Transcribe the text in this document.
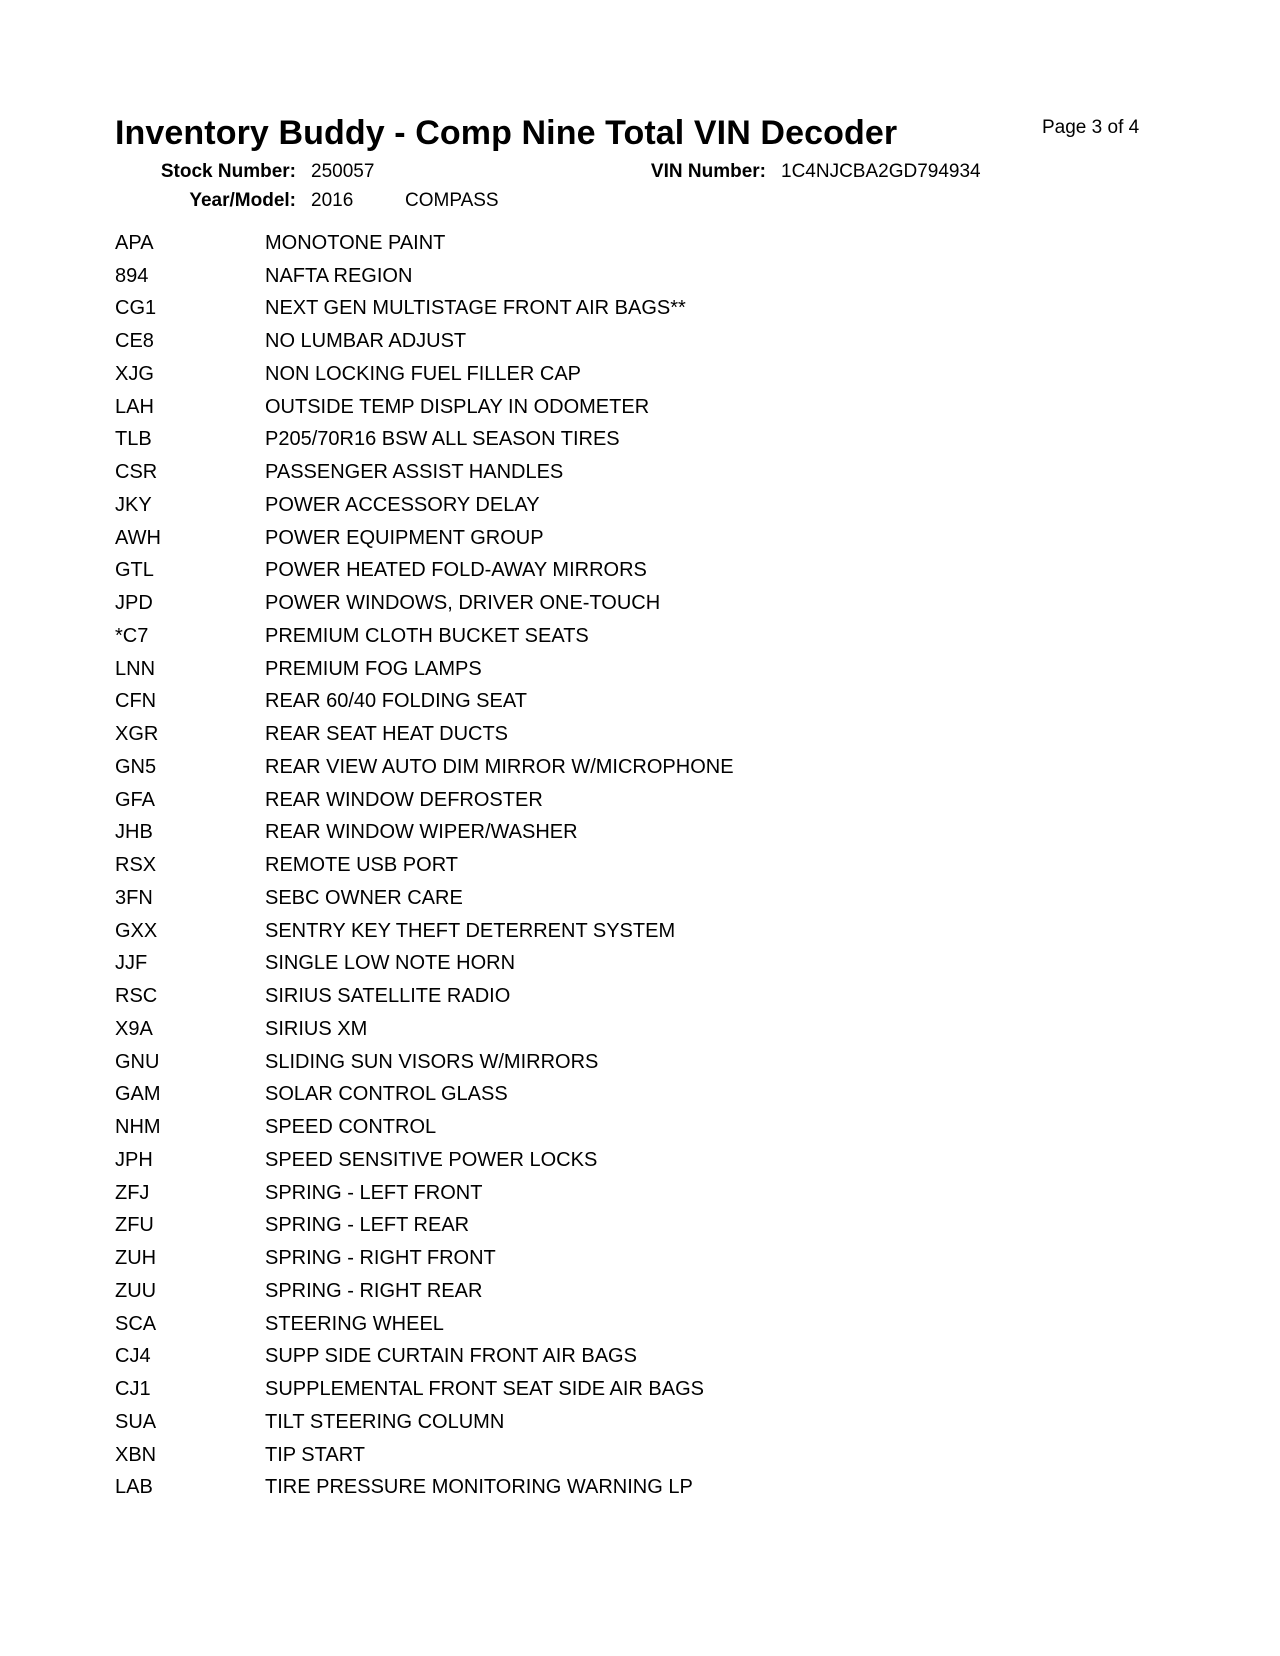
Inventory Buddy - Comp Nine Total VIN Decoder	Page 3 of 4
Stock Number: 250057	VIN Number: 1C4NJCBA2GD794934
Year/Model: 2016	COMPASS
APA	MONOTONE PAINT
894	NAFTA REGION
CG1	NEXT GEN MULTISTAGE FRONT AIR BAGS**
CE8	NO LUMBAR ADJUST
XJG	NON LOCKING FUEL FILLER CAP
LAH	OUTSIDE TEMP DISPLAY IN ODOMETER
TLB	P205/70R16 BSW ALL SEASON TIRES
CSR	PASSENGER ASSIST HANDLES
JKY	POWER ACCESSORY DELAY
AWH	POWER EQUIPMENT GROUP
GTL	POWER HEATED FOLD-AWAY MIRRORS
JPD	POWER WINDOWS, DRIVER ONE-TOUCH
*C7	PREMIUM CLOTH BUCKET SEATS
LNN	PREMIUM FOG LAMPS
CFN	REAR 60/40 FOLDING SEAT
XGR	REAR SEAT HEAT DUCTS
GN5	REAR VIEW AUTO DIM MIRROR W/MICROPHONE
GFA	REAR WINDOW DEFROSTER
JHB	REAR WINDOW WIPER/WASHER
RSX	REMOTE USB PORT
3FN	SEBC OWNER CARE
GXX	SENTRY KEY THEFT DETERRENT SYSTEM
JJF	SINGLE LOW NOTE HORN
RSC	SIRIUS SATELLITE RADIO
X9A	SIRIUS XM
GNU	SLIDING SUN VISORS W/MIRRORS
GAM	SOLAR CONTROL GLASS
NHM	SPEED CONTROL
JPH	SPEED SENSITIVE POWER LOCKS
ZFJ	SPRING - LEFT FRONT
ZFU	SPRING - LEFT REAR
ZUH	SPRING - RIGHT FRONT
ZUU	SPRING - RIGHT REAR
SCA	STEERING WHEEL
CJ4	SUPP SIDE CURTAIN FRONT AIR BAGS
CJ1	SUPPLEMENTAL FRONT SEAT SIDE AIR BAGS
SUA	TILT STEERING COLUMN
XBN	TIP START
LAB	TIRE PRESSURE MONITORING WARNING LP
